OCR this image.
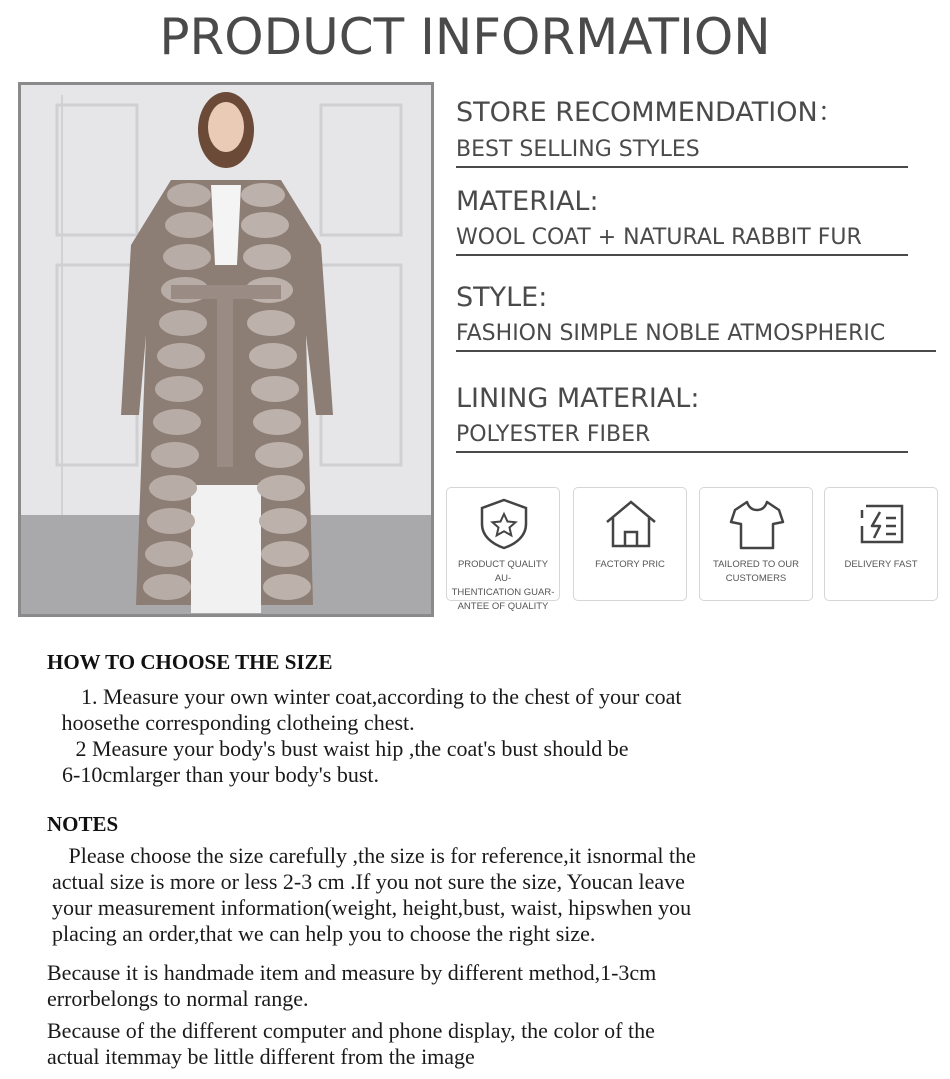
PRODUCT INFORMATION
STORE RECOMMENDATION：
BEST SELLING STYLES
MATERIAL:
WOOL COAT + NATURAL RABBIT FUR
STYLE:
FASHION SIMPLE NOBLE ATMOSPHERIC
LINING MATERIAL:
POLYESTER FIBER
PRODUCT QUALITY AU-
THENTICATION GUAR-
ANTEE OF QUALITY
FACTORY PRIC	TAILORED TO OUR
CUSTOMERS
DELIVERY FAST
HOW TO CHOOSE THE SIZE
1. Measure your own winter coat,according to the chest of your coat
hoosethe corresponding clotheing chest.
2 Measure your body's bust waist hip ,the coat's bust should be
6-10cmlarger than your body's bust.
NOTES
Please choose the size carefully ,the size is for reference,it isnormal the
actual size is more or less 2-3 cm .If you not sure the size, Youcan leave
your measurement information(weight, height,bust, waist, hipswhen you
placing an order,that we can help you to choose the right size.
Because it is handmade item and measure by different method,1-3cm
errorbelongs to normal range.
Because of the different computer and phone display, the color of the
actual itemmay be little different from the image
